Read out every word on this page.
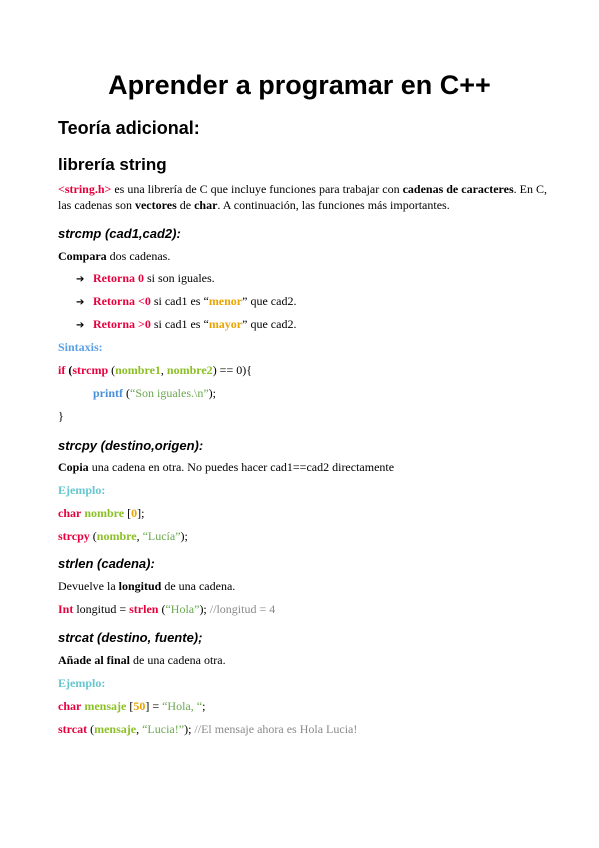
Aprender a programar en C++
Teoría adicional:
librería string
<string.h> es una librería de C que incluye funciones para trabajar con cadenas de caracteres. En C, las cadenas son vectores de char. A continuación, las funciones más importantes.
strcmp (cad1,cad2):
Compara dos cadenas.
➔ Retorna 0 si son iguales.
➔ Retorna <0 si cad1 es “menor” que cad2.
➔ Retorna >0 si cad1 es “mayor” que cad2.
Sintaxis:
if (strcmp (nombre1, nombre2) == 0){
printf (“Son iguales.\n”);
}
strcpy (destino,origen):
Copia una cadena en otra. No puedes hacer cad1==cad2 directamente
Ejemplo:
char nombre [0];
strcpy (nombre, “Lucía”);
strlen (cadena):
Devuelve la longitud de una cadena.
Int longitud = strlen (“Hola”); //longitud = 4
strcat (destino, fuente);
Añade al final de una cadena otra.
Ejemplo:
char mensaje [50] = “Hola, “;
strcat (mensaje, “Lucia!”); //El mensaje ahora es Hola Lucia!
